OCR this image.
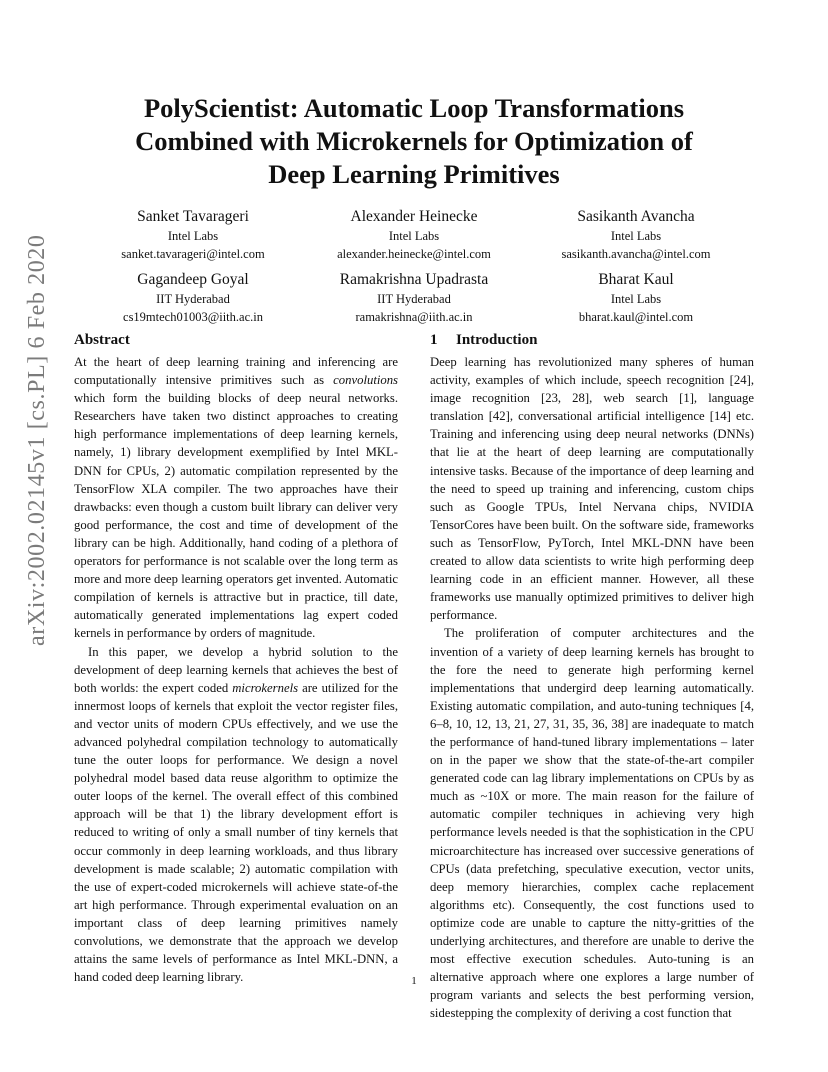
arXiv:2002.02145v1 [cs.PL] 6 Feb 2020
PolyScientist: Automatic Loop Transformations
Combined with Microkernels for Optimization of
Deep Learning Primitives
Sanket Tavarageri
Intel Labs
sanket.tavarageri@intel.com
Alexander Heinecke
Intel Labs
alexander.heinecke@intel.com
Sasikanth Avancha
Intel Labs
sasikanth.avancha@intel.com
Gagandeep Goyal
IIT Hyderabad
cs19mtech01003@iith.ac.in
Ramakrishna Upadrasta
IIT Hyderabad
ramakrishna@iith.ac.in
Bharat Kaul
Intel Labs
bharat.kaul@intel.com
Abstract

At the heart of deep learning training and inferencing are computationally intensive primitives such as convolutions which form the building blocks of deep neural networks. Researchers have taken two distinct approaches to creating high performance implementations of deep learning kernels, namely, 1) library development exemplified by Intel MKL-DNN for CPUs, 2) automatic compilation represented by the TensorFlow XLA compiler. The two approaches have their drawbacks: even though a custom built library can deliver very good performance, the cost and time of development of the library can be high. Additionally, hand coding of a plethora of operators for performance is not scalable over the long term as more and more deep learning operators get invented. Automatic compilation of kernels is attractive but in practice, till date, automatically generated implementations lag expert coded kernels in performance by orders of magnitude.

In this paper, we develop a hybrid solution to the development of deep learning kernels that achieves the best of both worlds: the expert coded microkernels are utilized for the innermost loops of kernels that exploit the vector register files, and vector units of modern CPUs effectively, and we use the advanced polyhedral compilation technology to automatically tune the outer loops for performance. We design a novel polyhedral model based data reuse algorithm to optimize the outer loops of the kernel. The overall effect of this combined approach will be that 1) the library development effort is reduced to writing of only a small number of tiny kernels that occur commonly in deep learning workloads, and thus library development is made scalable; 2) automatic compilation with the use of expert-coded microkernels will achieve state-of-the art high performance. Through experimental evaluation on an important class of deep learning primitives namely convolutions, we demonstrate that the approach we develop attains the same levels of performance as Intel MKL-DNN, a hand coded deep learning library.

1 Introduction

Deep learning has revolutionized many spheres of human activity, examples of which include, speech recognition [24], image recognition [23, 28], web search [1], language translation [42], conversational artificial intelligence [14] etc. Training and inferencing using deep neural networks (DNNs) that lie at the heart of deep learning are computationally intensive tasks. Because of the importance of deep learning and the need to speed up training and inferencing, custom chips such as Google TPUs, Intel Nervana chips, NVIDIA TensorCores have been built. On the software side, frameworks such as TensorFlow, PyTorch, Intel MKL-DNN have been created to allow data scientists to write high performing deep learning code in an efficient manner. However, all these frameworks use manually optimized primitives to deliver high performance.

The proliferation of computer architectures and the invention of a variety of deep learning kernels has brought to the fore the need to generate high performing kernel implementations that undergird deep learning automatically. Existing automatic compilation, and auto-tuning techniques [4, 6–8, 10, 12, 13, 21, 27, 31, 35, 36, 38] are inadequate to match the performance of hand-tuned library implementations – later on in the paper we show that the state-of-the-art compiler generated code can lag library implementations on CPUs by as much as ~10X or more. The main reason for the failure of automatic compiler techniques in achieving very high performance levels needed is that the sophistication in the CPU microarchitecture has increased over successive generations of CPUs (data prefetching, speculative execution, vector units, deep memory hierarchies, complex cache replacement algorithms etc). Consequently, the cost functions used to optimize code are unable to capture the nitty-gritties of the underlying architectures, and therefore are unable to derive the most effective execution schedules. Auto-tuning is an alternative approach where one explores a large number of program variants and selects the best performing version, sidestepping the complexity of deriving a cost function that

1
